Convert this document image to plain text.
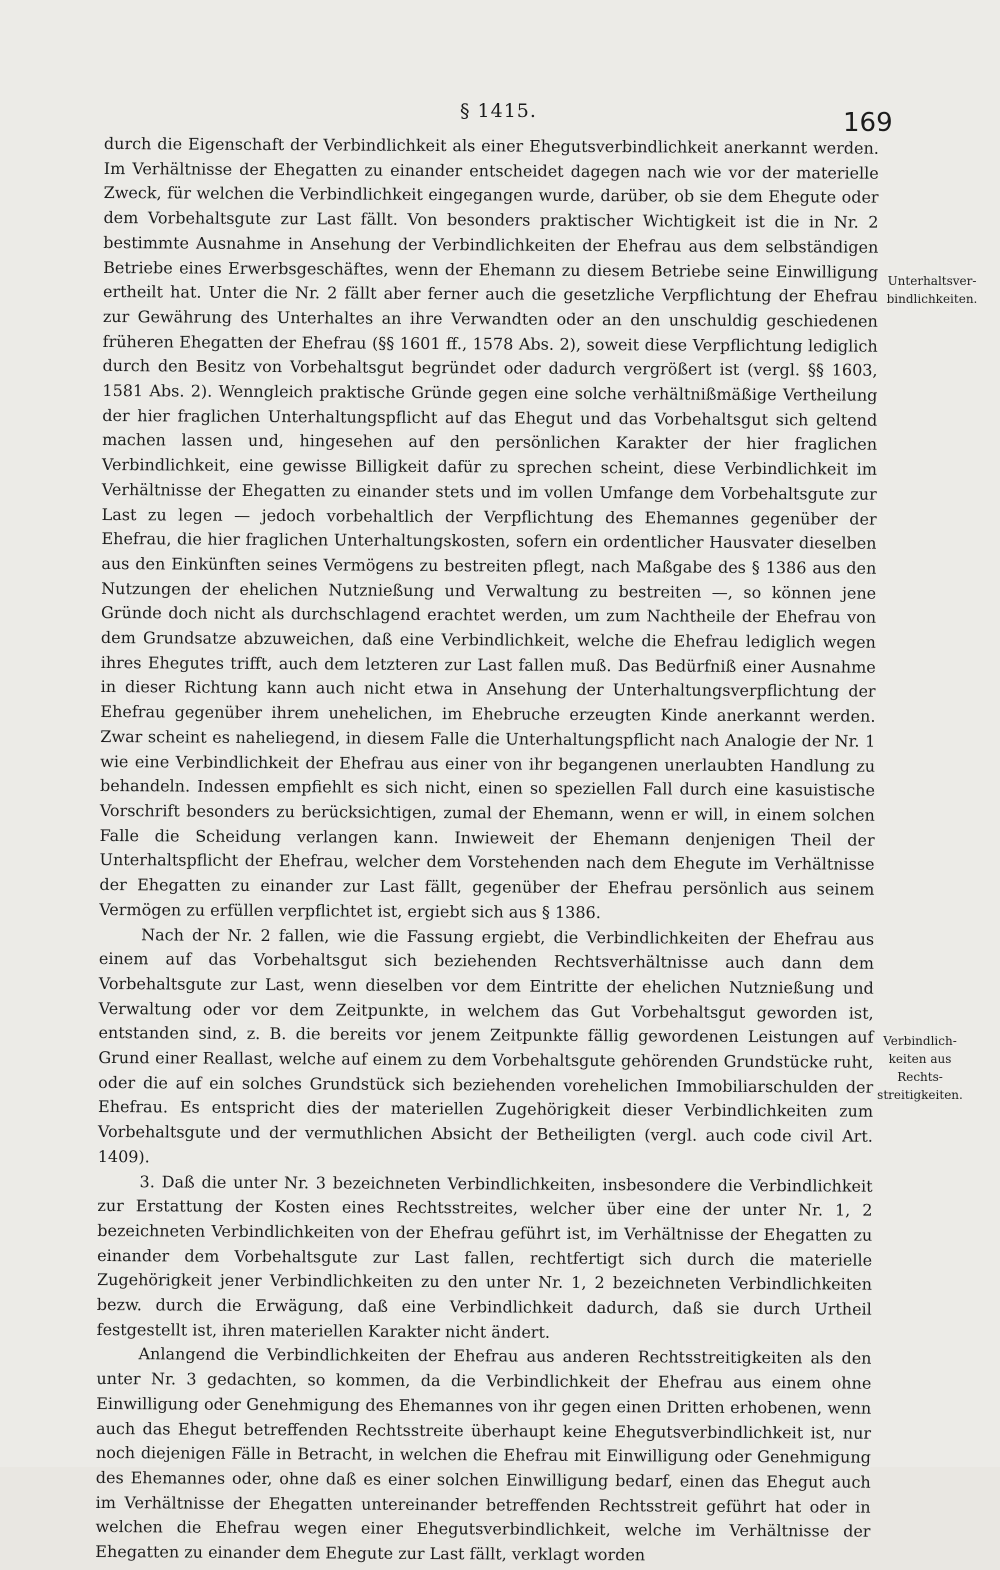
§ 1415.	169

durch die Eigenschaft der Verbindlichkeit als einer Ehegutsverbindlichkeit anerkannt werden. Im Verhältnisse der Ehegatten zu einander entscheidet dagegen nach wie vor der materielle Zweck, für welchen die Verbindlichkeit eingegangen wurde, darüber, ob sie dem Ehegute oder dem Vorbehaltsgute zur Last fällt. Von besonders praktischer Wichtigkeit ist die in Nr. 2 bestimmte Ausnahme in Ansehung der Verbindlichkeiten der Ehefrau aus dem selbständigen Betriebe eines Erwerbsgeschäftes, wenn der Ehemann zu diesem Betriebe seine Einwilligung ertheilt hat. Unter die Nr. 2 fällt aber ferner auch die gesetzliche Verpflichtung der Ehefrau zur Gewährung des Unterhaltes an ihre Verwandten oder an den unschuldig geschiedenen früheren Ehegatten der Ehefrau (§§ 1601 ff., 1578 Abs. 2), soweit diese Verpflichtung lediglich durch den Besitz von Vorbehaltsgut begründet oder dadurch vergrößert ist (vergl. §§ 1603, 1581 Abs. 2). Wenngleich praktische Gründe gegen eine solche verhältnißmäßige Vertheilung der hier fraglichen Unterhaltungspflicht auf das Ehegut und das Vorbehaltsgut sich geltend machen lassen und, hingesehen auf den persönlichen Karakter der hier fraglichen Verbindlichkeit, eine gewisse Billigkeit dafür zu sprechen scheint, diese Verbindlichkeit im Verhältnisse der Ehegatten zu einander stets und im vollen Umfange dem Vorbehaltsgute zur Last zu legen — jedoch vorbehaltlich der Verpflichtung des Ehemannes gegenüber der Ehefrau, die hier fraglichen Unterhaltungskosten, sofern ein ordentlicher Hausvater dieselben aus den Einkünften seines Vermögens zu bestreiten pflegt, nach Maßgabe des § 1386 aus den Nutzungen der ehelichen Nutznießung und Verwaltung zu bestreiten —, so können jene Gründe doch nicht als durchschlagend erachtet werden, um zum Nachtheile der Ehefrau von dem Grundsatze abzuweichen, daß eine Verbindlichkeit, welche die Ehefrau lediglich wegen ihres Ehegutes trifft, auch dem letzteren zur Last fallen muß. Das Bedürfniß einer Ausnahme in dieser Richtung kann auch nicht etwa in Ansehung der Unterhaltungsverpflichtung der Ehefrau gegenüber ihrem unehelichen, im Ehebruche erzeugten Kinde anerkannt werden. Zwar scheint es naheliegend, in diesem Falle die Unterhaltungspflicht nach Analogie der Nr. 1 wie eine Verbindlichkeit der Ehefrau aus einer von ihr begangenen unerlaubten Handlung zu behandeln. Indessen empfiehlt es sich nicht, einen so speziellen Fall durch eine kasuistische Vorschrift besonders zu berücksichtigen, zumal der Ehemann, wenn er will, in einem solchen Falle die Scheidung verlangen kann. Inwieweit der Ehemann denjenigen Theil der Unterhaltspflicht der Ehefrau, welcher dem Vorstehenden nach dem Ehegute im Verhältnisse der Ehegatten zu einander zur Last fällt, gegenüber der Ehefrau persönlich aus seinem Vermögen zu erfüllen verpflichtet ist, ergiebt sich aus § 1386.

Nach der Nr. 2 fallen, wie die Fassung ergiebt, die Verbindlichkeiten der Ehefrau aus einem auf das Vorbehaltsgut sich beziehenden Rechtsverhältnisse auch dann dem Vorbehaltsgute zur Last, wenn dieselben vor dem Eintritte der ehelichen Nutznießung und Verwaltung oder vor dem Zeitpunkte, in welchem das Gut Vorbehaltsgut geworden ist, entstanden sind, z. B. die bereits vor jenem Zeitpunkte fällig gewordenen Leistungen auf Grund einer Reallast, welche auf einem zu dem Vorbehaltsgute gehörenden Grundstücke ruht, oder die auf ein solches Grundstück sich beziehenden vorehelichen Immobiliarschulden der Ehefrau. Es entspricht dies der materiellen Zugehörigkeit dieser Verbindlichkeiten zum Vorbehaltsgute und der vermuthlichen Absicht der Betheiligten (vergl. auch code civil Art. 1409).

3. Daß die unter Nr. 3 bezeichneten Verbindlichkeiten, insbesondere die Verbindlichkeit zur Erstattung der Kosten eines Rechtsstreites, welcher über eine der unter Nr. 1, 2 bezeichneten Verbindlichkeiten von der Ehefrau geführt ist, im Verhältnisse der Ehegatten zu einander dem Vorbehaltsgute zur Last fallen, rechtfertigt sich durch die materielle Zugehörigkeit jener Verbindlichkeiten zu den unter Nr. 1, 2 bezeichneten Verbindlichkeiten bezw. durch die Erwägung, daß eine Verbindlichkeit dadurch, daß sie durch Urtheil festgestellt ist, ihren materiellen Karakter nicht ändert.

Anlangend die Verbindlichkeiten der Ehefrau aus anderen Rechtsstreitigkeiten als den unter Nr. 3 gedachten, so kommen, da die Verbindlichkeit der Ehefrau aus einem ohne Einwilligung oder Genehmigung des Ehemannes von ihr gegen einen Dritten erhobenen, wenn auch das Ehegut betreffenden Rechtsstreite überhaupt keine Ehegutsverbindlichkeit ist, nur noch diejenigen Fälle in Betracht, in welchen die Ehefrau mit Einwilligung oder Genehmigung des Ehemannes oder, ohne daß es einer solchen Einwilligung bedarf, einen das Ehegut auch im Verhältnisse der Ehegatten untereinander betreffenden Rechtsstreit geführt hat oder in welchen die Ehefrau wegen einer Ehegutsverbindlichkeit, welche im Verhältnisse der Ehegatten zu einander dem Ehegute zur Last fällt, verklagt worden

Unterhaltsver-
bindlichkeiten.
Verbindlich-
keiten aus
Rechts-
streitigkeiten.
